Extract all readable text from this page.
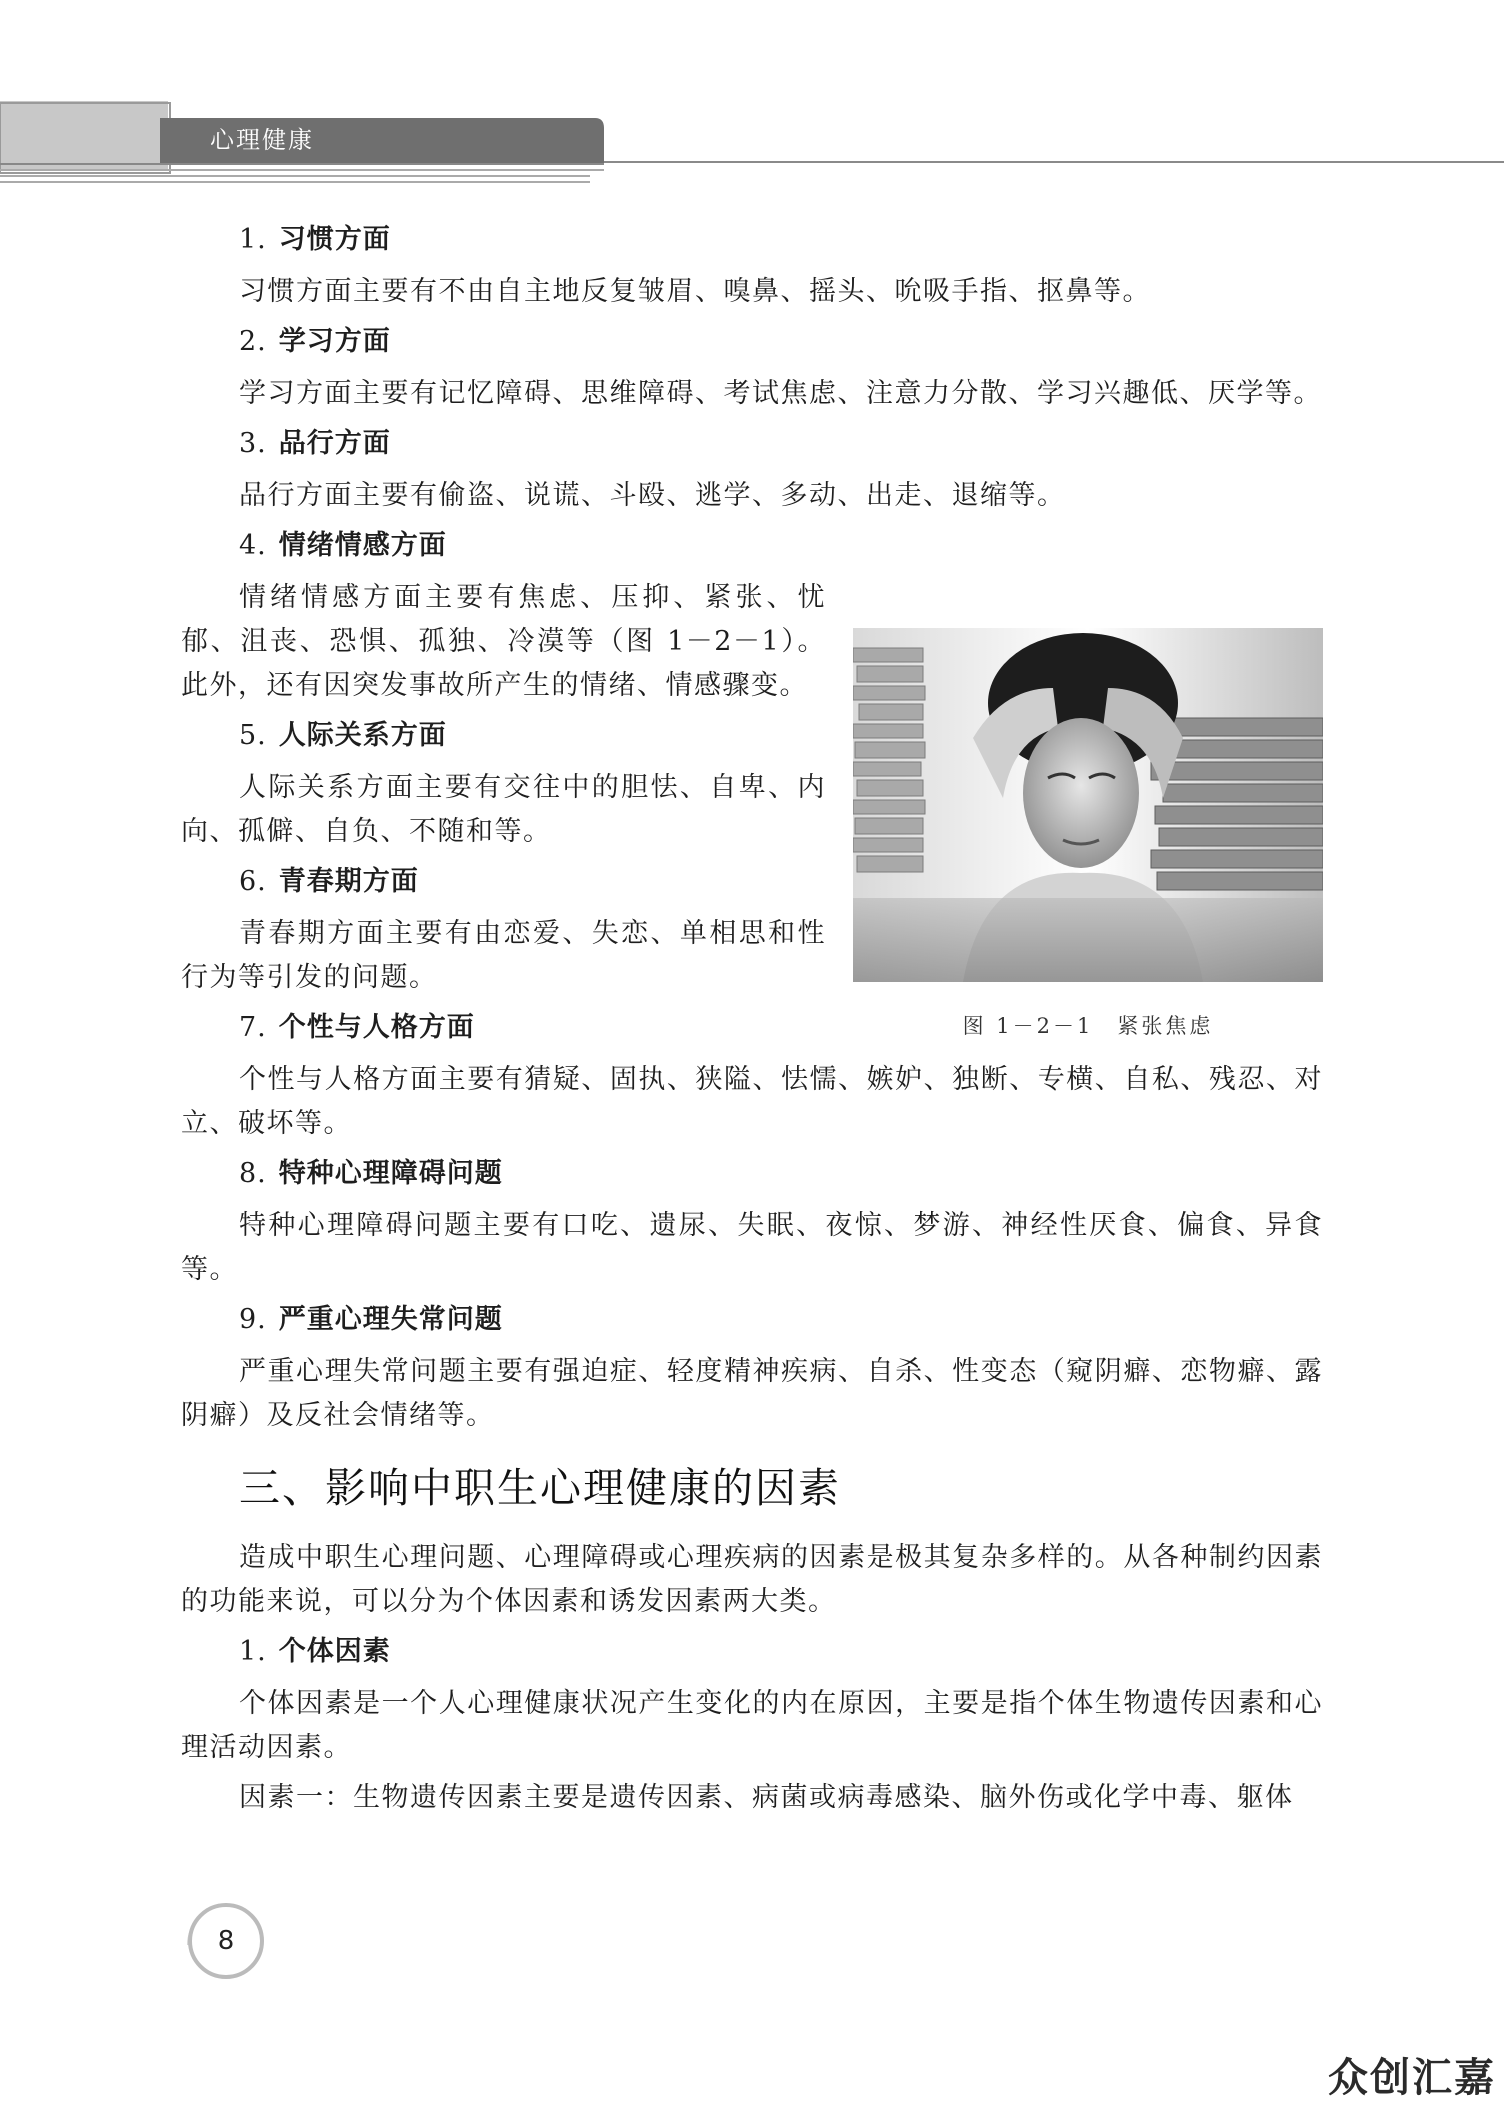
心理健康
1. 习惯方面
习惯方面主要有不由自主地反复皱眉、嗅鼻、摇头、吮吸手指、抠鼻等。
2. 学习方面
学习方面主要有记忆障碍、思维障碍、考试焦虑、注意力分散、学习兴趣低、厌学等。
3. 品行方面
品行方面主要有偷盗、说谎、斗殴、逃学、多动、出走、退缩等。
4. 情绪情感方面
情绪情感方面主要有焦虑、压抑、紧张、忧郁、沮丧、恐惧、孤独、冷漠等（图 1－2－1）。此外，还有因突发事故所产生的情绪、情感骤变。
5. 人际关系方面
人际关系方面主要有交往中的胆怯、自卑、内向、孤僻、自负、不随和等。
6. 青春期方面
青春期方面主要有由恋爱、失恋、单相思和性行为等引发的问题。
7. 个性与人格方面
个性与人格方面主要有猜疑、固执、狭隘、怯懦、嫉妒、独断、专横、自私、残忍、对立、破坏等。
8. 特种心理障碍问题
特种心理障碍问题主要有口吃、遗尿、失眠、夜惊、梦游、神经性厌食、偏食、异食等。
9. 严重心理失常问题
严重心理失常问题主要有强迫症、轻度精神疾病、自杀、性变态（窥阴癖、恋物癖、露阴癖）及反社会情绪等。
三、影响中职生心理健康的因素
造成中职生心理问题、心理障碍或心理疾病的因素是极其复杂多样的。从各种制约因素的功能来说，可以分为个体因素和诱发因素两大类。
1. 个体因素
个体因素是一个人心理健康状况产生变化的内在原因，主要是指个体生物遗传因素和心理活动因素。
因素一：生物遗传因素主要是遗传因素、病菌或病毒感染、脑外伤或化学中毒、躯体
图 1－2－1　紧张焦虑
8
众创汇嘉
